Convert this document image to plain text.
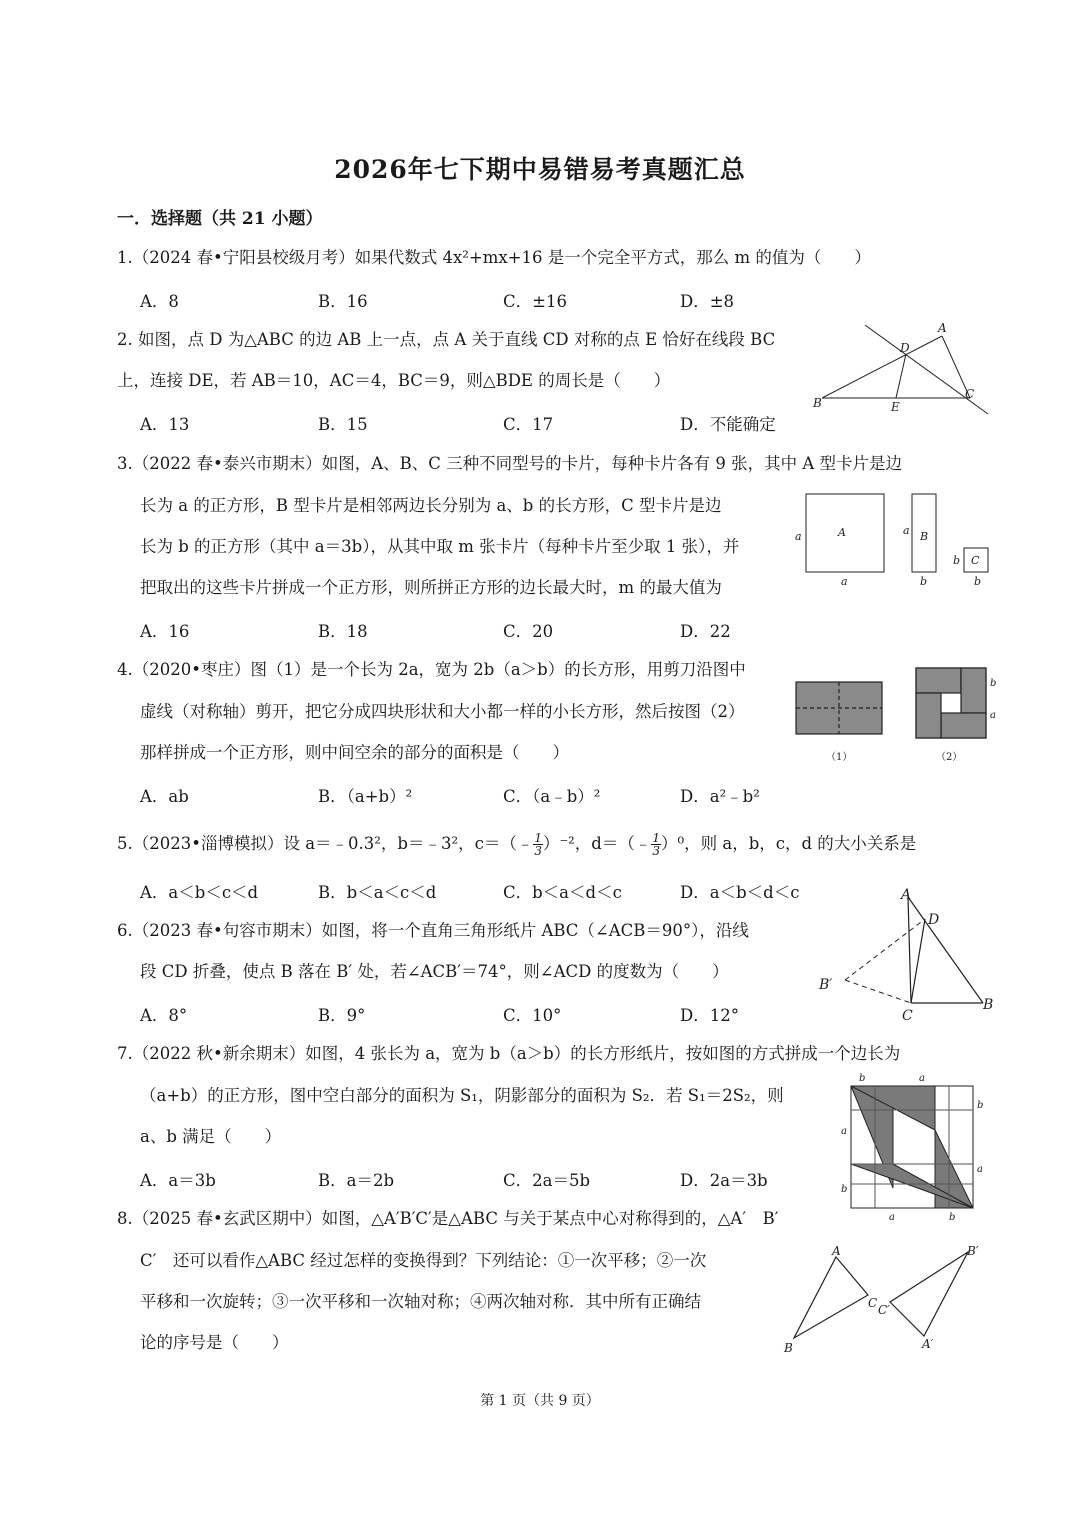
2026年七下期中易错易考真题汇总
一．选择题（共 21 小题）
1.（2024 春•宁阳县校级月考）如果代数式 4x²+mx+16 是一个完全平方式，那么 m 的值为（　　）
A．8	B．16	C．±16	D．±8
2. 如图，点 D 为△ABC 的边 AB 上一点，点 A 关于直线 CD 对称的点 E 恰好在线段 BC
上，连接 DE，若 AB＝10，AC＝4，BC＝9，则△BDE 的周长是（　　）
A．13	B．15	C．17	D．不能确定
A
D
B	E
C
3.（2022 春•泰兴市期末）如图，A、B、C 三种不同型号的卡片，每种卡片各有 9 张，其中 A 型卡片是边
长为 a 的正方形，B 型卡片是相邻两边长分别为 a、b 的长方形，C 型卡片是边
长为 b 的正方形（其中 a＝3b），从其中取 m 张卡片（每种卡片至少取 1 张），并
把取出的这些卡片拼成一个正方形，则所拼正方形的边长最大时，m 的最大值为
A．16	B．18	C．20	D．22
A	B
C
a
a
a
b
b
b
4.（2020•枣庄）图（1）是一个长为 2a，宽为 2b（a＞b）的长方形，用剪刀沿图中
虚线（对称轴）剪开，把它分成四块形状和大小都一样的小长方形，然后按图（2）
那样拼成一个正方形，则中间空余的部分的面积是（　　）
A．ab	B．（a+b）²	C．（a﹣b）²	D．a²﹣b²
（1）	（2）
b
a
5.（2023•淄博模拟）设 a＝﹣0.3²，b＝﹣3²，c＝（﹣ $\frac{1}{3} )^{-2}$，d＝（﹣ $\frac{1}{3} )^0$，则 a，b，c，d 的大小关系是
A．a＜b＜c＜d	B．b＜a＜c＜d	C．b＜a＜d＜c	D．a＜b＜d＜c
6.（2023 春•句容市期末）如图，将一个直角三角形纸片 ABC（∠ACB＝90°），沿线
段 CD 折叠，使点 B 落在 B′ 处，若∠ACB′＝74°，则∠ACD 的度数为（　　）
A．8°	B．9°	C．10°	D．12°
A
D
B′
C
B
7.（2022 秋•新余期末）如图，4 张长为 a，宽为 b（a＞b）的长方形纸片，按如图的方式拼成一个边长为
（a+b）的正方形，图中空白部分的面积为 S₁，阴影部分的面积为 S₂．若 S₁＝2S₂，则
a、b 满足（　　）
A．a＝3b	B．a＝2b	C．2a＝5b	D．2a＝3b
b	a
b
a
a
b
a	b
8.（2025 春•玄武区期中）如图，△A′B′C′是△ABC 与关于某点中心对称得到的，△A′　B′
C′　还可以看作△ABC 经过怎样的变换得到？下列结论：①一次平移；②一次
平移和一次旋转；③一次平移和一次轴对称；④两次轴对称．其中所有正确结
论的序号是（　　）
A
C
B
B′
C′
A′
第 1 页（共 9 页）
